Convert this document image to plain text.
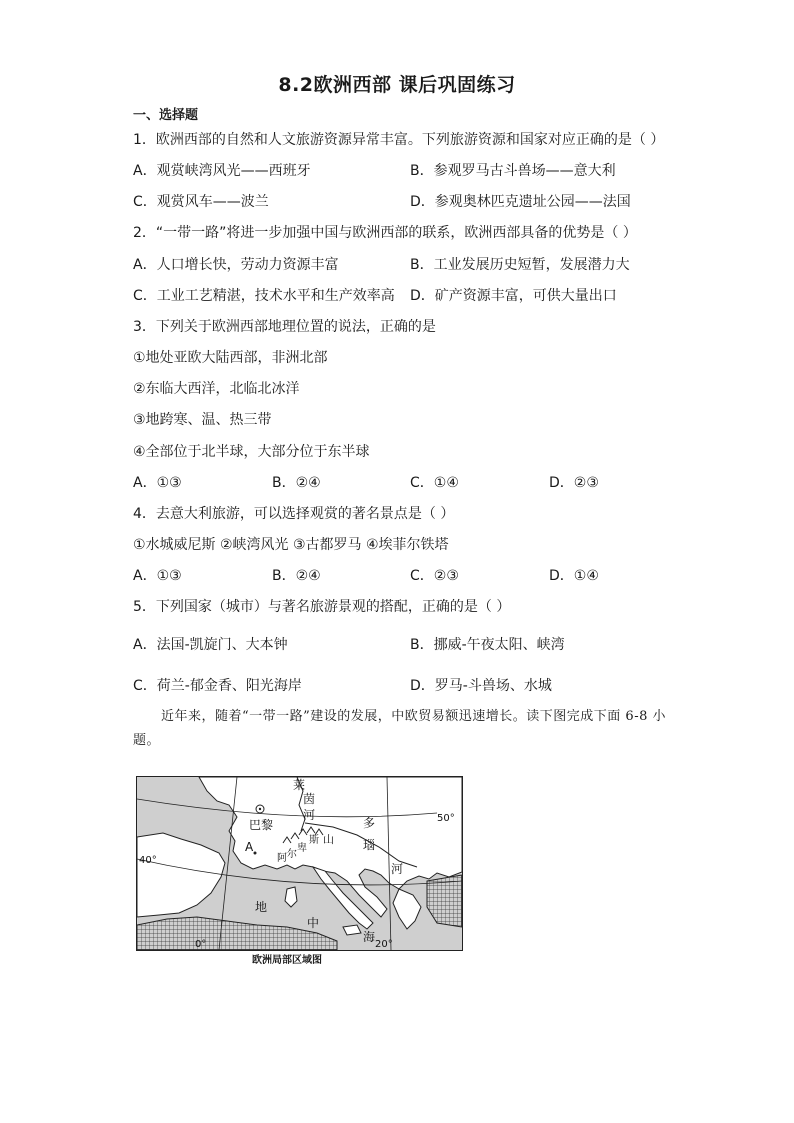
8.2欧洲西部 课后巩固练习
一、选择题
1．欧洲西部的自然和人文旅游资源异常丰富。下列旅游资源和国家对应正确的是（ ）
A．观赏峡湾风光——西班牙	B．参观罗马古斗兽场——意大利
C．观赏风车——波兰	D．参观奥林匹克遗址公园——法国
2．“一带一路”将进一步加强中国与欧洲西部的联系，欧洲西部具备的优势是（ ）
A．人口增长快，劳动力资源丰富	B．工业发展历史短暂，发展潜力大
C．工业工艺精湛，技术水平和生产效率高 D．矿产资源丰富，可供大量出口
3．下列关于欧洲西部地理位置的说法，正确的是
①地处亚欧大陆西部，非洲北部
②东临大西洋，北临北冰洋
③地跨寒、温、热三带
④全部位于北半球，大部分位于东半球
A．①③	B．②④	C．①④	D．②③
4．去意大利旅游，可以选择观赏的著名景点是（ ）
①水城威尼斯 ②峡湾风光 ③古都罗马 ④埃菲尔铁塔
A．①③	B．②④	C．②③	D．①④
5．下列国家（城市）与著名旅游景观的搭配，正确的是（ ）
A．法国-凯旋门、大本钟	B．挪威-午夜太阳、峡湾
C．荷兰-郁金香、阳光海岸	D．罗马-斗兽场、水城
近年来，随着“一带一路”建设的发展，中欧贸易额迅速增长。读下图完成下面 6-8 小题。
巴黎
A
莱
茵
河
多
瑙
河
阿 尔
卑
斯 山
地
中
海
50°
40°
0°	20°
欧洲局部区域图
